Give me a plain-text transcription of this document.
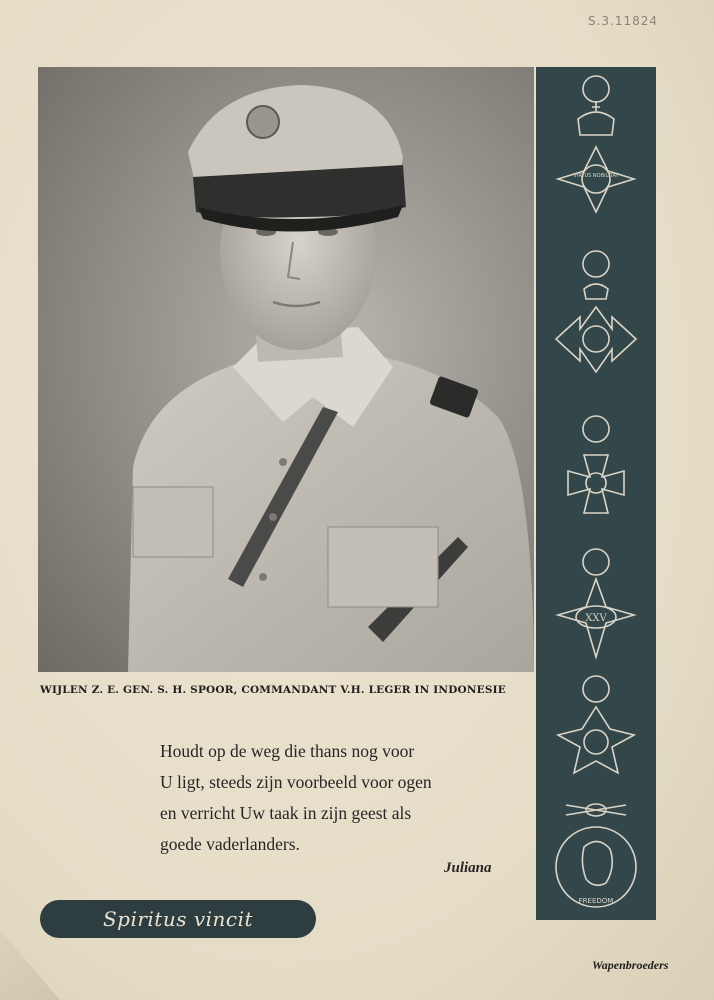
S.3.11824
WIJLEN Z. E. GEN. S. H. SPOOR, COMMANDANT V.H. LEGER IN INDONESIE
Houdt op de weg die thans nog voor
U ligt, steeds zijn voorbeeld voor ogen
en verricht Uw taak in zijn geest als
goede vaderlanders.
Juliana
Spiritus vincit
VIRTUS NOBILITAT
XXV
FREEDOM
Wapenbroeders
